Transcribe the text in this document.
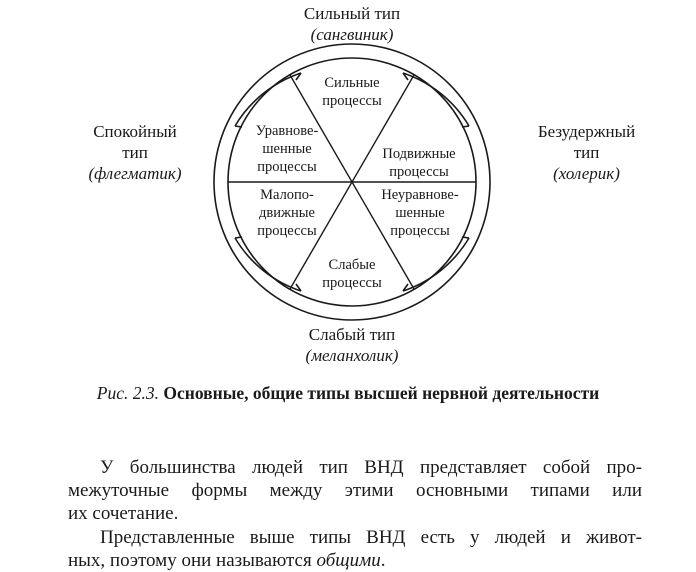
Сильный тип
(сангвиник)
Спокойный
тип
(флегматик)
Безудержный
тип
(холерик)
Слабый тип
(меланхолик)
Сильные
процессы
Уравнове-
шенные
процессы
Подвижные
процессы
Малопо-
движные
процессы
Неуравнове-
шенные
процессы
Слабые
процессы
Рис. 2.3. Основные, общие типы высшей нервной деятельности
У большинства людей тип ВНД представляет собой про-
межуточные формы между этими основными типами или
их сочетание.
Представленные выше типы ВНД есть у людей и живот-
ных, поэтому они называются общими.
